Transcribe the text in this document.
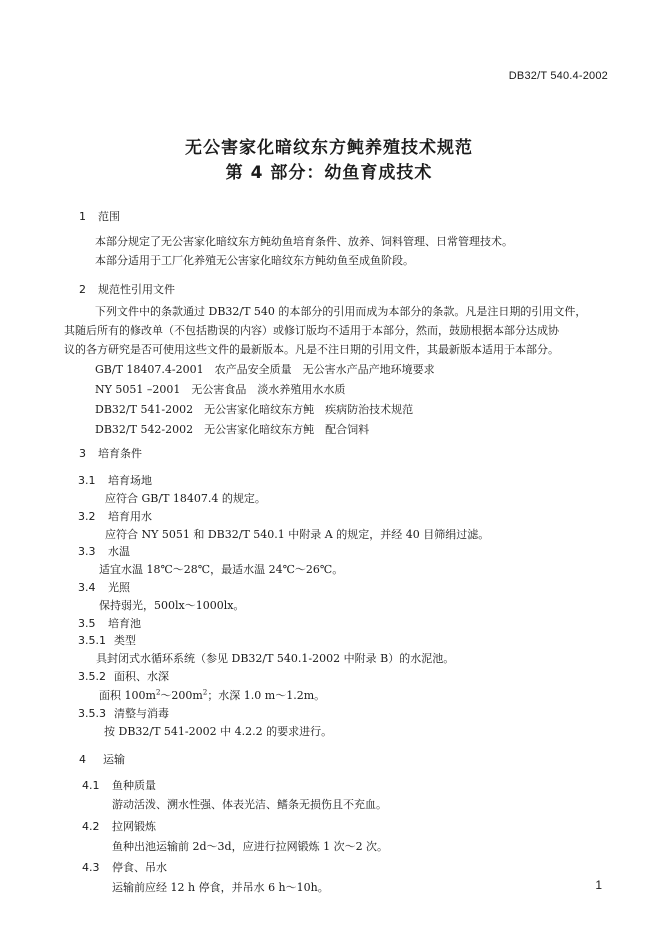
DB32/T 540.4-2002
无公害家化暗纹东方鲀养殖技术规范
第 4 部分：幼鱼育成技术
1 范围
本部分规定了无公害家化暗纹东方鲀幼鱼培育条件、放养、饲料管理、日常管理技术。
本部分适用于工厂化养殖无公害家化暗纹东方鲀幼鱼至成鱼阶段。
2 规范性引用文件
下列文件中的条款通过 DB32/T 540 的本部分的引用而成为本部分的条款。凡是注日期的引用文件，
其随后所有的修改单（不包括勘误的内容）或修订版均不适用于本部分，然而，鼓励根据本部分达成协
议的各方研究是否可使用这些文件的最新版本。凡是不注日期的引用文件，其最新版本适用于本部分。
GB/T 18407.4-2001　农产品安全质量　无公害水产品产地环境要求
NY 5051 –2001　无公害食品　淡水养殖用水水质
DB32/T 541-2002　无公害家化暗纹东方鲀　疾病防治技术规范
DB32/T 542-2002　无公害家化暗纹东方鲀　配合饲料
3 培育条件
3.1 培育场地
应符合 GB/T 18407.4 的规定。
3.2 培育用水
应符合 NY 5051 和 DB32/T 540.1 中附录 A 的规定，并经 40 目筛绢过滤。
3.3 水温
适宜水温 18℃～28℃，最适水温 24℃～26℃。
3.4 光照
保持弱光，500lx～1000lx。
3.5 培育池
3.5.1 类型
具封闭式水循环系统（参见 DB32/T 540.1-2002 中附录 B）的水泥池。
3.5.2 面积、水深
面积 $100m^2\sim 200m^2$；水深 1.0 m～1.2m。
3.5.3 清整与消毒
按 DB32/T 541-2002 中 4.2.2 的要求进行。
4 运输
4.1 鱼种质量
游动活泼、溯水性强、体表光洁、鳍条无损伤且不充血。
4.2 拉网锻炼
鱼种出池运输前 2d～3d，应进行拉网锻炼 1 次～2 次。
4.3 停食、吊水
运输前应经 12 h 停食，并吊水 6 h～10h。	1
